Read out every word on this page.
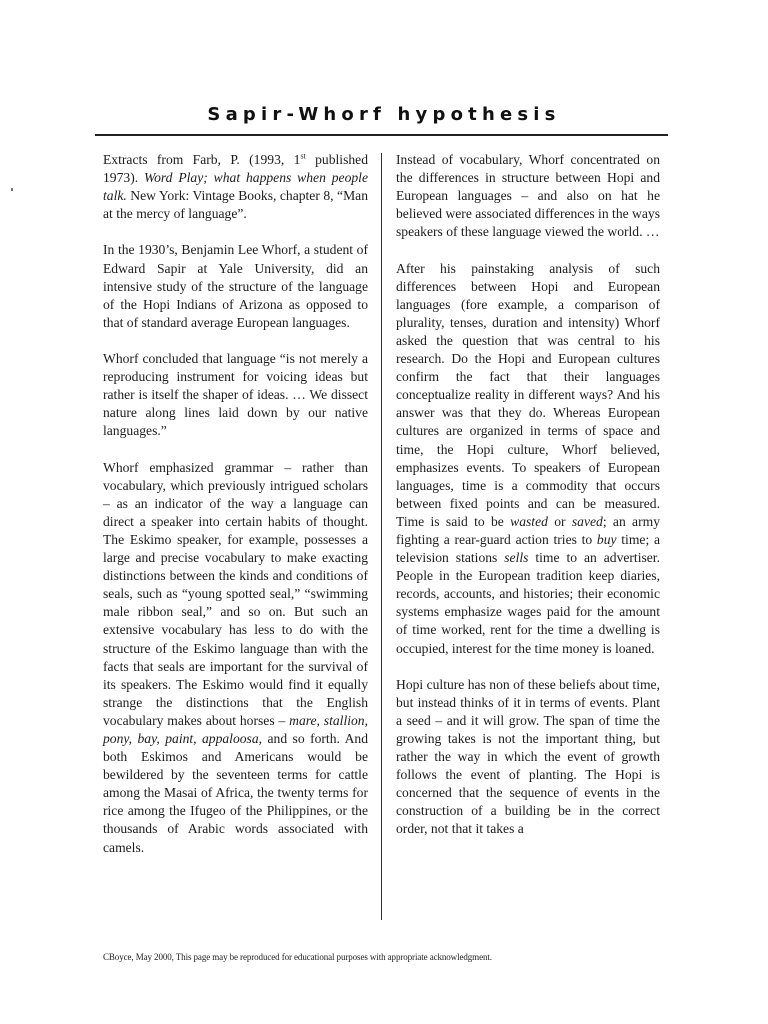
Sapir-Whorf hypothesis

Extracts from Farb, P. (1993, 1st published 1973). Word Play; what happens when people talk. New York: Vintage Books, chapter 8, “Man at the mercy of language”.

In the 1930’s, Benjamin Lee Whorf, a student of Edward Sapir at Yale University, did an intensive study of the structure of the language of the Hopi Indians of Arizona as opposed to that of standard average European languages.

Whorf concluded that language “is not merely a reproducing instrument for voicing ideas but rather is itself the shaper of ideas. … We dissect nature along lines laid down by our native languages.”

Whorf emphasized grammar – rather than vocabulary, which previously intrigued scholars – as an indicator of the way a language can direct a speaker into certain habits of thought. The Eskimo speaker, for example, possesses a large and precise vocabulary to make exacting distinctions between the kinds and conditions of seals, such as “young spotted seal,” “swimming male ribbon seal,” and so on. But such an extensive vocabulary has less to do with the structure of the Eskimo language than with the facts that seals are important for the survival of its speakers. The Eskimo would find it equally strange the distinctions that the English vocabulary makes about horses – mare, stallion, pony, bay, paint, appaloosa, and so forth. And both Eskimos and Americans would be bewildered by the seventeen terms for cattle among the Masai of Africa, the twenty terms for rice among the Ifugeo of the Philippines, or the thousands of Arabic words associated with camels.

Instead of vocabulary, Whorf concentrated on the differences in structure between Hopi and European languages – and also on hat he believed were associated differences in the ways speakers of these language viewed the world. …

After his painstaking analysis of such differences between Hopi and European languages (fore example, a comparison of plurality, tenses, duration and intensity) Whorf asked the question that was central to his research. Do the Hopi and European cultures confirm the fact that their languages conceptualize reality in different ways? And his answer was that they do. Whereas European cultures are organized in terms of space and time, the Hopi culture, Whorf believed, emphasizes events. To speakers of European languages, time is a commodity that occurs between fixed points and can be measured. Time is said to be wasted or saved; an army fighting a rear-guard action tries to buy time; a television stations sells time to an advertiser. People in the European tradition keep diaries, records, accounts, and histories; their economic systems emphasize wages paid for the amount of time worked, rent for the time a dwelling is occupied, interest for the time money is loaned.

Hopi culture has non of these beliefs about time, but instead thinks of it in terms of events. Plant a seed – and it will grow. The span of time the growing takes is not the important thing, but rather the way in which the event of growth follows the event of planting. The Hopi is concerned that the sequence of events in the construction of a building be in the correct order, not that it takes a

CBoyce, May 2000, This page may be reproduced for educational purposes with appropriate acknowledgment.
